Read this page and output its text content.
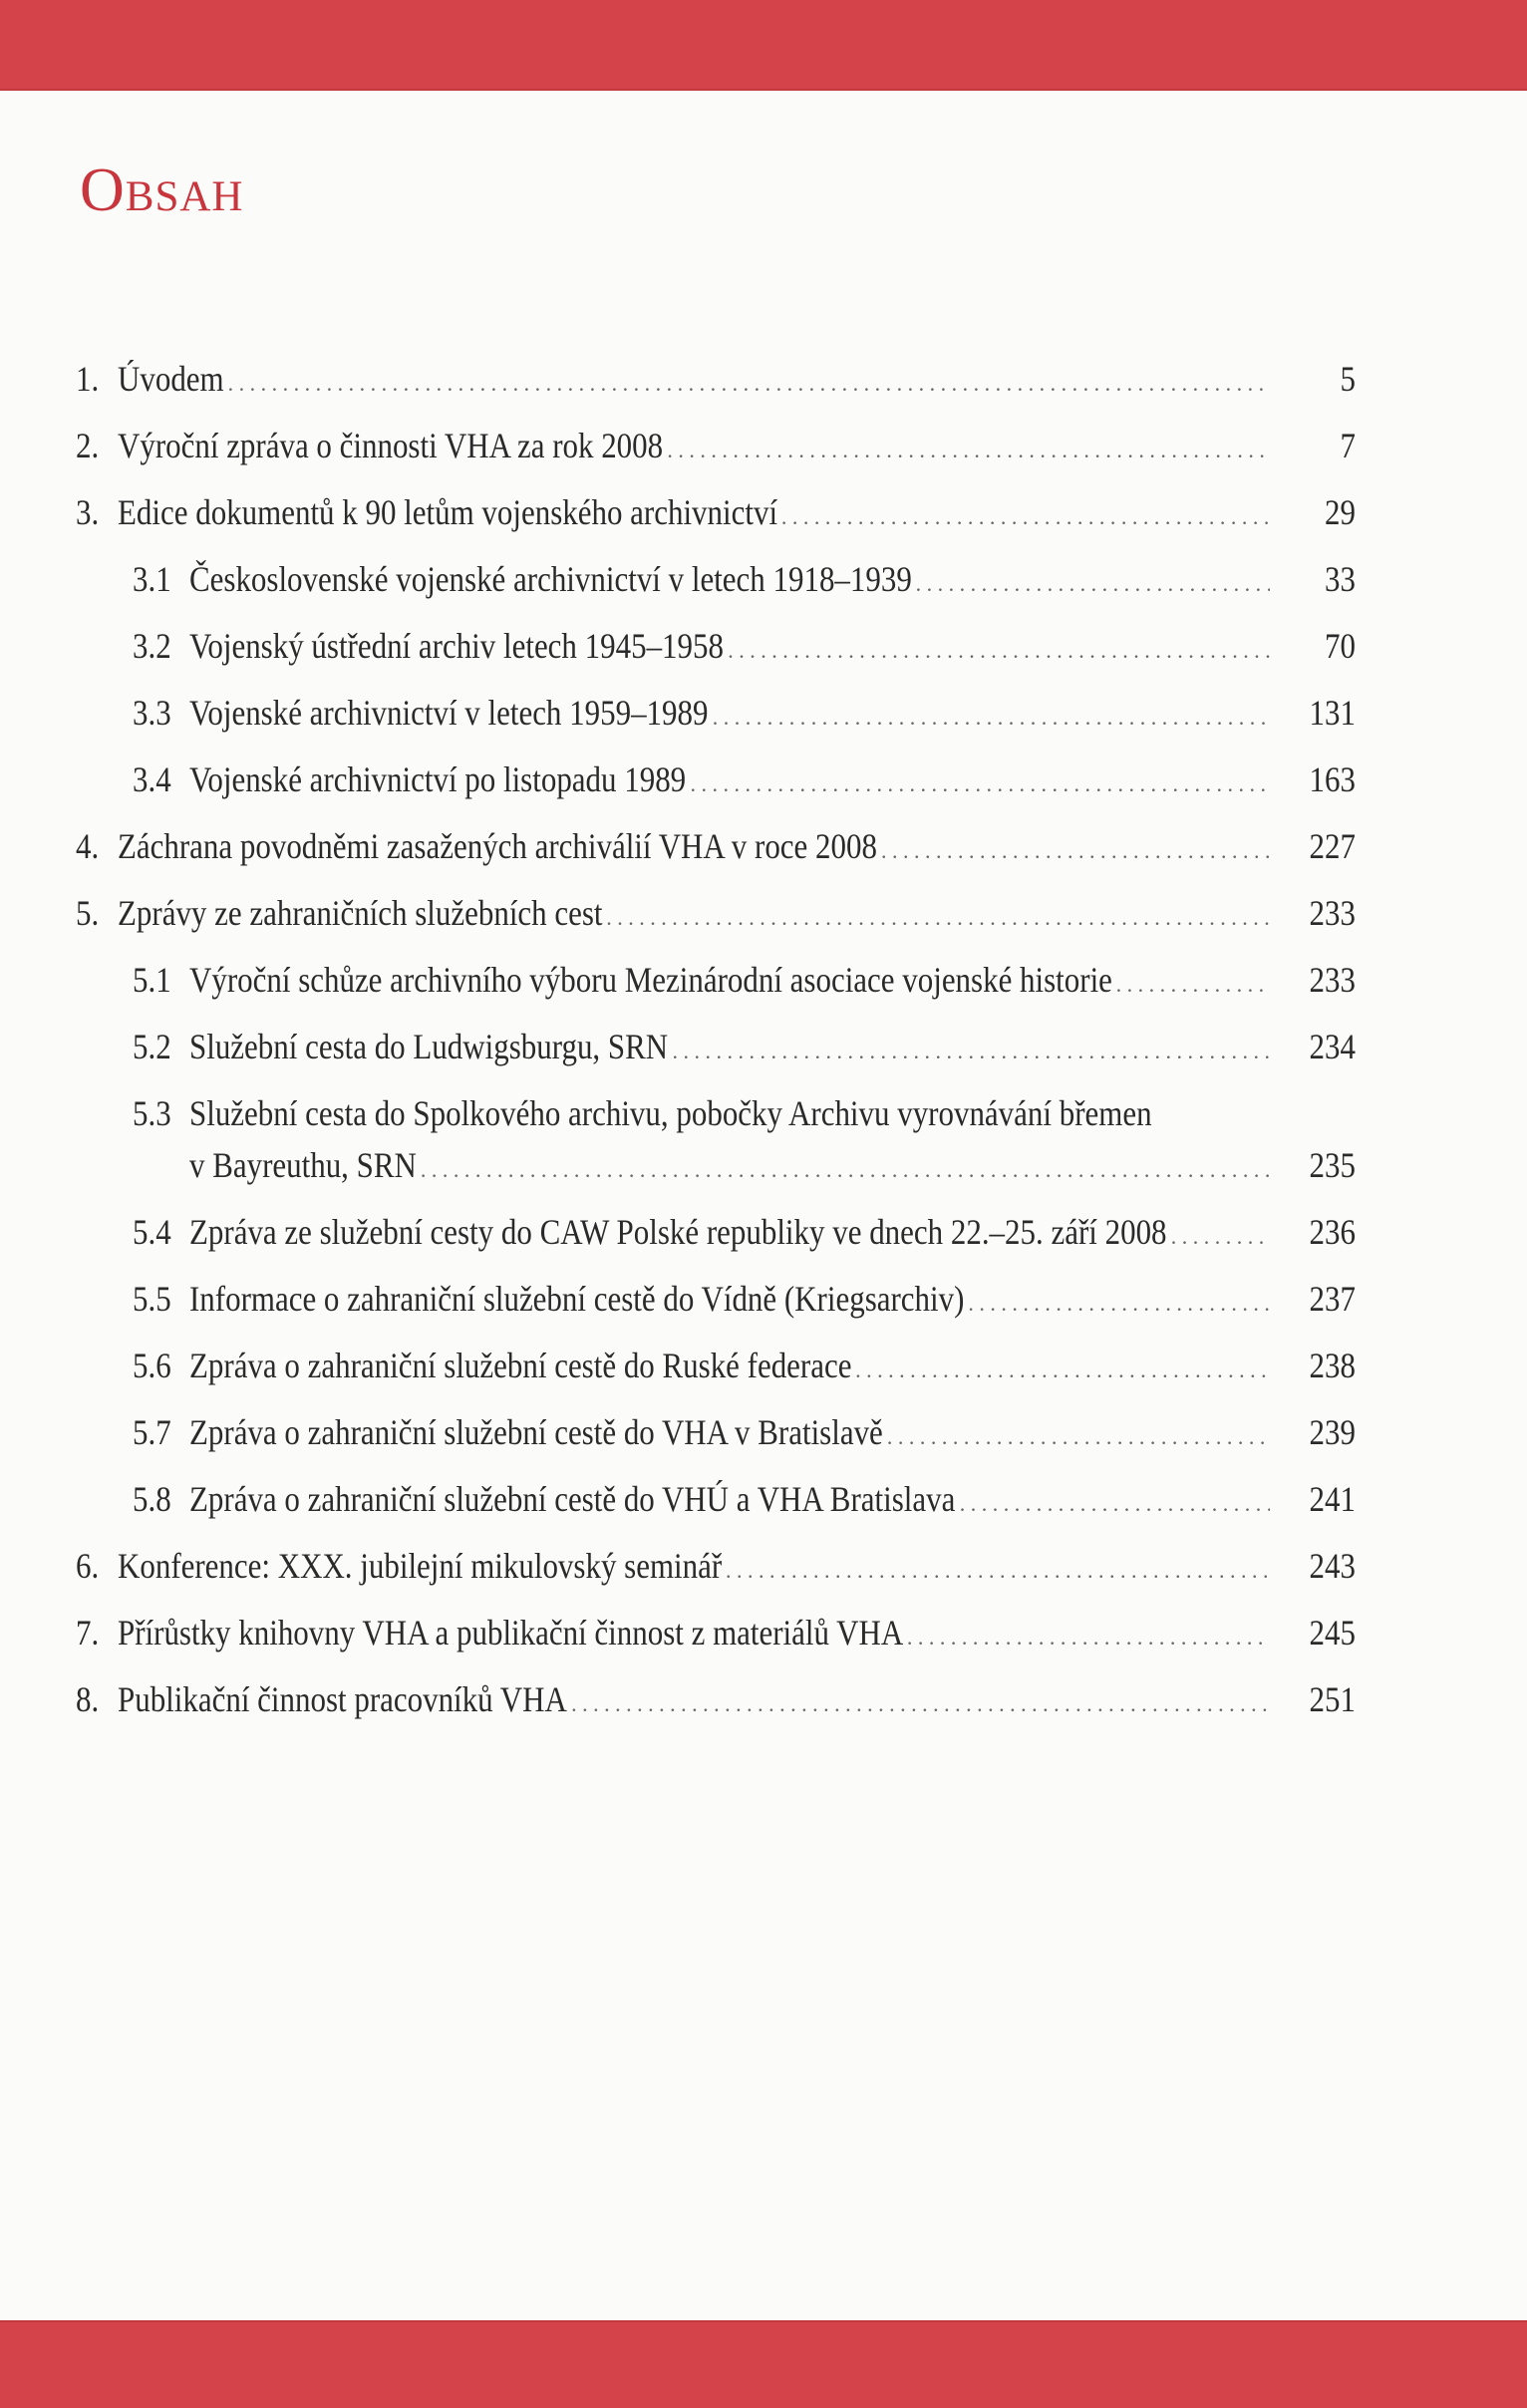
Obsah
1. Úvodem . . .	5
2. Výroční zpráva o činnosti VHA za rok 2008 . . .	7
3. Edice dokumentů k 90 letům vojenského archivnictví . . .	29
3.1 Československé vojenské archivnictví v letech 1918–1939 . . .	33
3.2 Vojenský ústřední archiv letech 1945–1958 . . .	70
3.3 Vojenské archivnictví v letech 1959–1989 . . .	131
3.4 Vojenské archivnictví po listopadu 1989 . . .	163
4. Záchrana povodněmi zasažených archiválií VHA v roce 2008 . . .	227
5. Zprávy ze zahraničních služebních cest . . .	233
5.1 Výroční schůze archivního výboru Mezinárodní asociace vojenské historie . . .	233
5.2 Služební cesta do Ludwigsburgu, SRN . . .	234
5.3 Služební cesta do Spolkového archivu, pobočky Archivu vyrovnávání břemen
v Bayreuthu, SRN . . .	235
5.4 Zpráva ze služební cesty do CAW Polské republiky ve dnech 22.–25. září 2008 . . .	236
5.5 Informace o zahraniční služební cestě do Vídně (Kriegsarchiv) . . .	237
5.6 Zpráva o zahraniční služební cestě do Ruské federace . . .	238
5.7 Zpráva o zahraniční služební cestě do VHA v Bratislavě . . .	239
5.8 Zpráva o zahraniční služební cestě do VHÚ a VHA Bratislava . . .	241
6. Konference: XXX. jubilejní mikulovský seminář . . .	243
7. Přírůstky knihovny VHA a publikační činnost z materiálů VHA . . .	245
8. Publikační činnost pracovníků VHA . . .	251
